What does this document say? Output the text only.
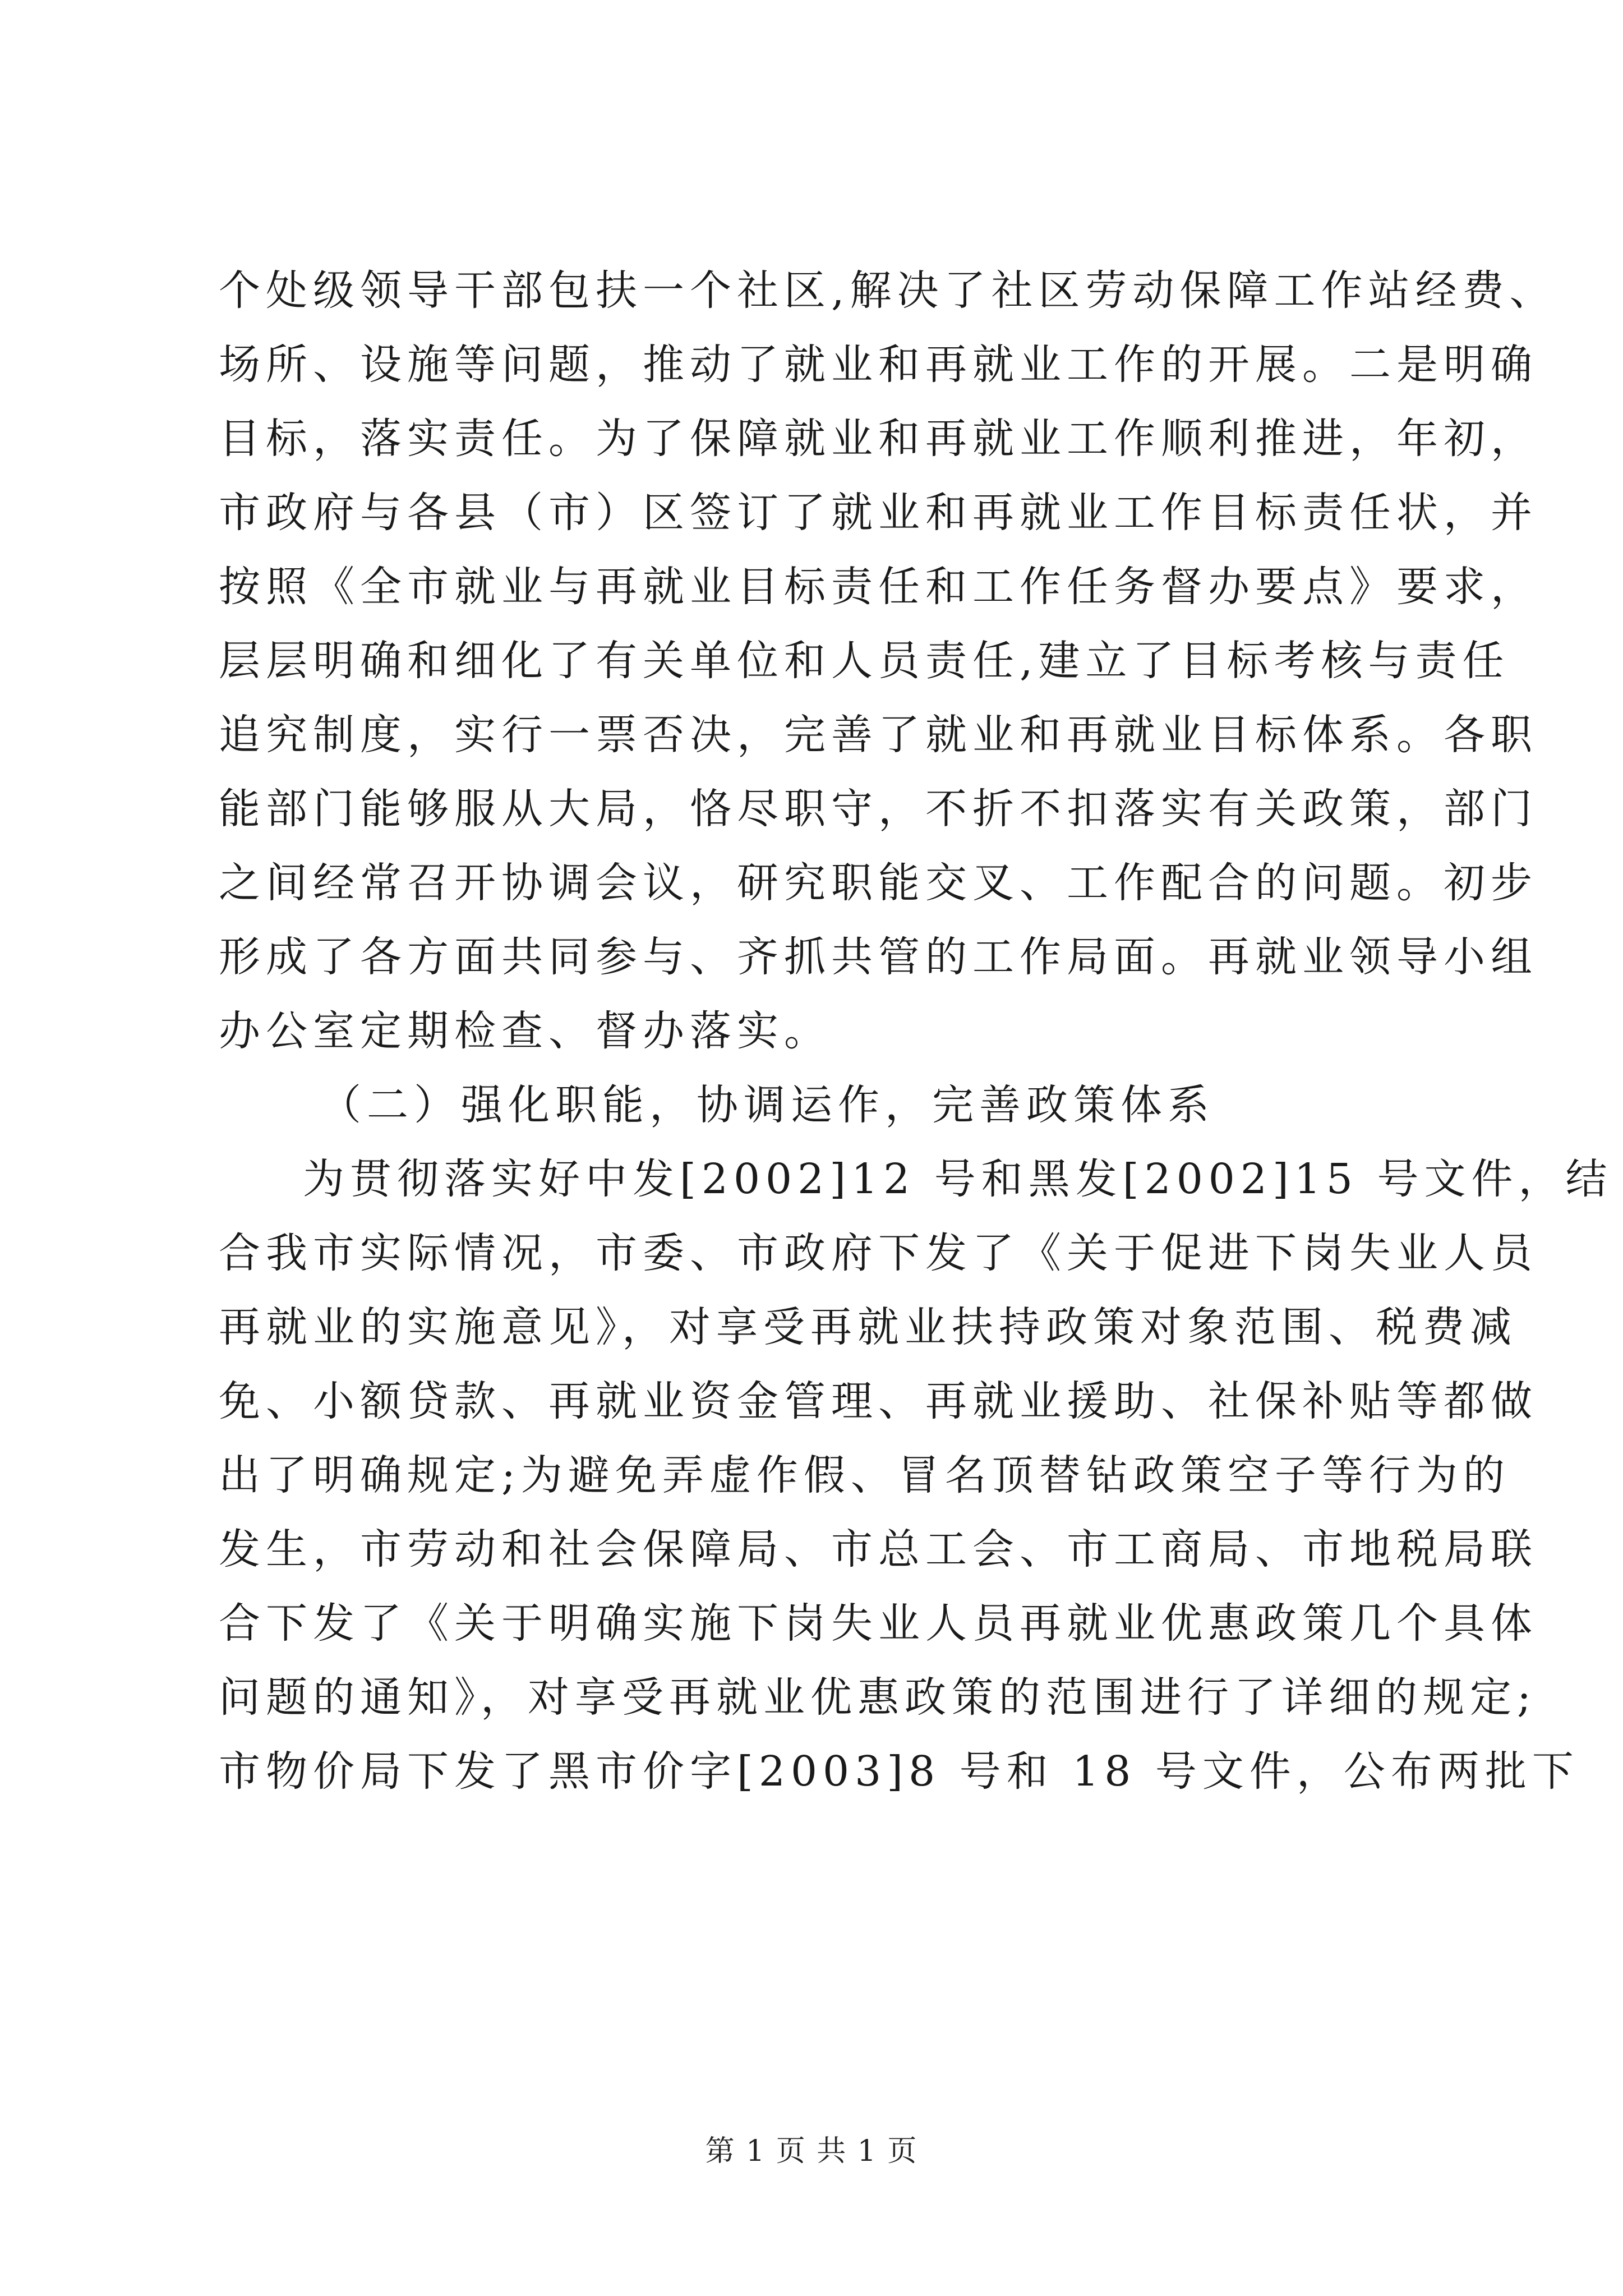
个处级领导干部包扶一个社区,解决了社区劳动保障工作站经费、
场所、设施等问题，推动了就业和再就业工作的开展。二是明确
目标，落实责任。为了保障就业和再就业工作顺利推进，年初，
市政府与各县（市）区签订了就业和再就业工作目标责任状，并
按照《全市就业与再就业目标责任和工作任务督办要点》要求，
层层明确和细化了有关单位和人员责任,建立了目标考核与责任
追究制度，实行一票否决，完善了就业和再就业目标体系。各职
能部门能够服从大局，恪尽职守，不折不扣落实有关政策，部门
之间经常召开协调会议，研究职能交叉、工作配合的问题。初步
形成了各方面共同参与、齐抓共管的工作局面。再就业领导小组
办公室定期检查、督办落实。
（二）强化职能，协调运作，完善政策体系
为贯彻落实好中发[2002]12 号和黑发[2002]15 号文件，结
合我市实际情况，市委、市政府下发了《关于促进下岗失业人员
再就业的实施意见》，对享受再就业扶持政策对象范围、税费减
免、小额贷款、再就业资金管理、再就业援助、社保补贴等都做
出了明确规定;为避免弄虚作假、冒名顶替钻政策空子等行为的
发生，市劳动和社会保障局、市总工会、市工商局、市地税局联
合下发了《关于明确实施下岗失业人员再就业优惠政策几个具体
问题的通知》，对享受再就业优惠政策的范围进行了详细的规定;
市物价局下发了黑市价字[2003]8 号和 18 号文件，公布两批下
第 1 页 共 1 页
